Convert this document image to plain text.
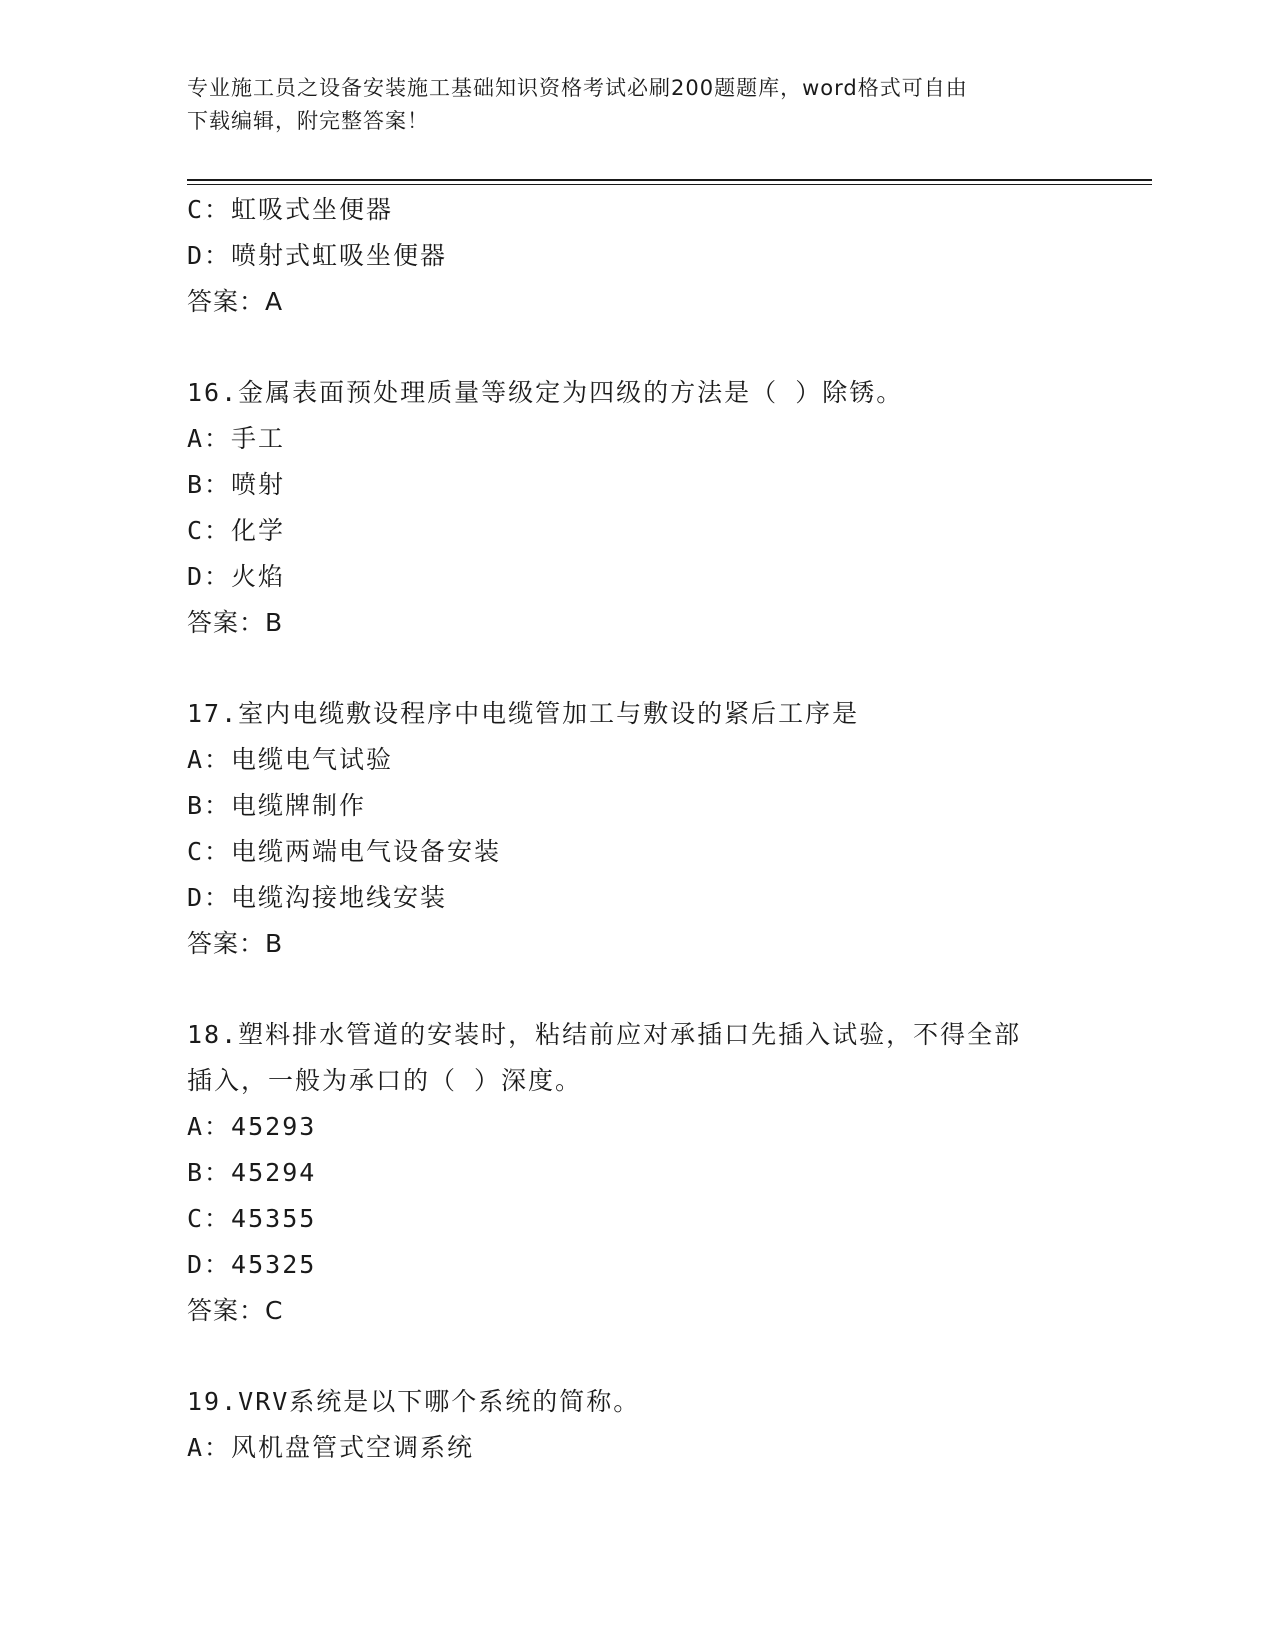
专业施工员之设备安装施工基础知识资格考试必刷200题题库，word格式可自由
下载编辑，附完整答案！
C：虹吸式坐便器
D：喷射式虹吸坐便器
答案：A
16.金属表面预处理质量等级定为四级的方法是（ ）除锈。
A：手工
B：喷射
C：化学
D：火焰
答案：B
17.室内电缆敷设程序中电缆管加工与敷设的紧后工序是
A：电缆电气试验
B：电缆牌制作
C：电缆两端电气设备安装
D：电缆沟接地线安装
答案：B
18.塑料排水管道的安装时，粘结前应对承插口先插入试验，不得全部
插入，一般为承口的（ ）深度。
A：45293
B：45294
C：45355
D：45325
答案：C
19.VRV系统是以下哪个系统的简称。
A：风机盘管式空调系统
